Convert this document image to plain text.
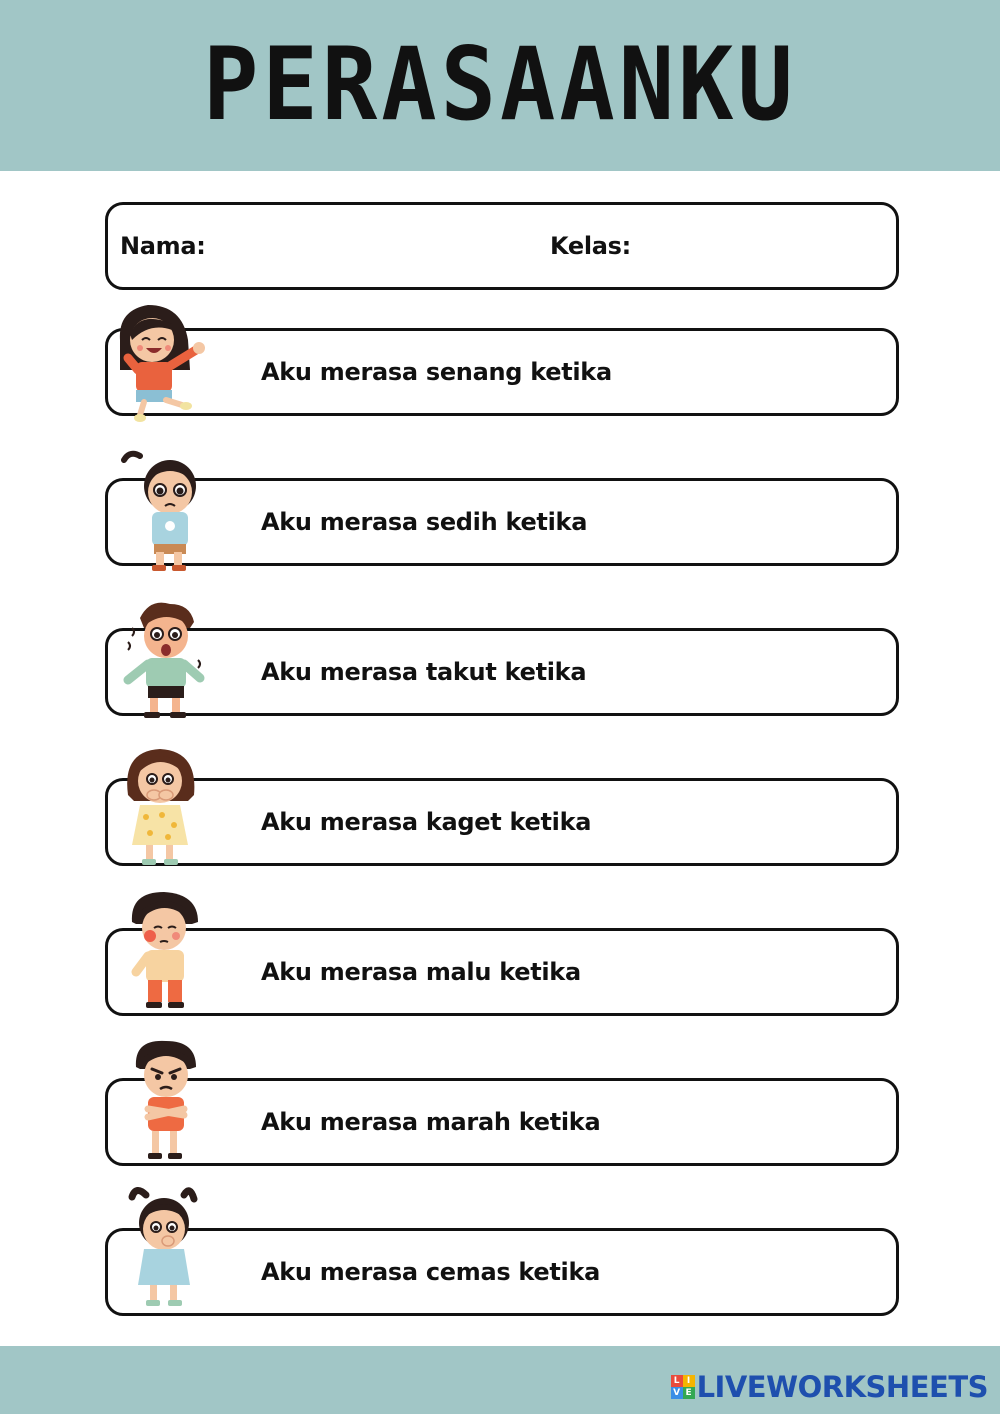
PERASAANKU
Nama:	Kelas:
Aku merasa senang ketika
Aku merasa sedih ketika
Aku merasa takut ketika
Aku merasa kaget ketika
Aku merasa malu ketika
Aku merasa marah ketika
Aku merasa cemas ketika
L I
V E LIVEWORKSHEETS
